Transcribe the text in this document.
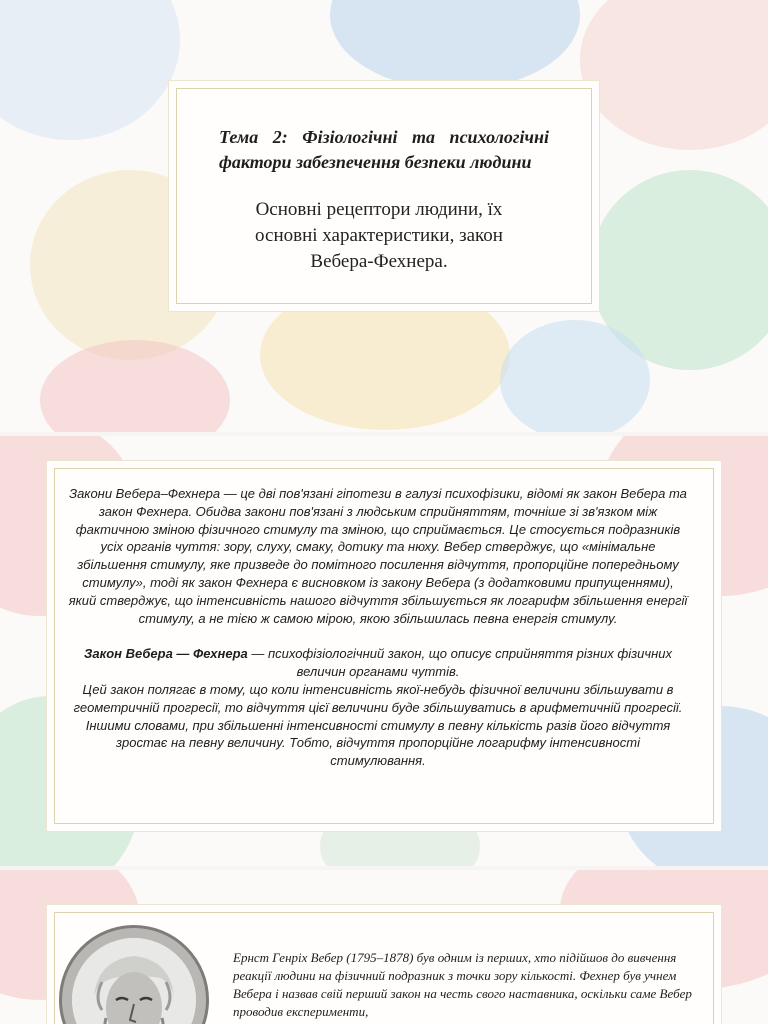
Тема 2: Фізіологічні та психологічні фактори забезпечення безпеки людини
Основні рецептори людини, їх основні характеристики, закон Вебера-Фехнера.

Закони Вебера–Фехнера — це дві пов'язані гіпотези в галузі психофізики, відомі як закон Вебера та закон Фехнера. Обидва закони пов'язані з людським сприйняттям, точніше зі зв'язком між фактичною зміною фізичного стимулу та зміною, що сприймається. Це стосується подразників усіх органів чуття: зору, слуху, смаку, дотику та нюху. Вебер стверджує, що «мінімальне збільшення стимулу, яке призведе до помітного посилення відчуття, пропорційне попередньому стимулу», тоді як закон Фехнера є висновком із закону Вебера (з додатковими припущеннями), який стверджує, що інтенсивність нашого відчуття збільшується як логарифм збільшення енергії стимулу, а не тією ж самою мірою, якою збільшилась певна енергія стимулу.

Закон Вебера — Фехнера — психофізіологічний закон, що описує сприйняття різних фізичних величин органами чуттів.

Цей закон полягає в тому, що коли інтенсивність якої-небудь фізичної величини збільшувати в геометричній прогресії, то відчуття цієї величини буде збільшуватись в арифметичній прогресії. Іншими словами, при збільшенні інтенсивності стимулу в певну кількість разів його відчуття зростає на певну величину. Тобто, відчуття пропорційне логарифму інтенсивності стимулювання.

Ернст Генріх Вебер (1795–1878) був одним із перших, хто підійшов до вивчення реакції людини на фізичний подразник з точки зору кількості. Фехнер був учнем Вебера і назвав свій перший закон на честь свого наставника, оскільки саме Вебер проводив експерименти,
